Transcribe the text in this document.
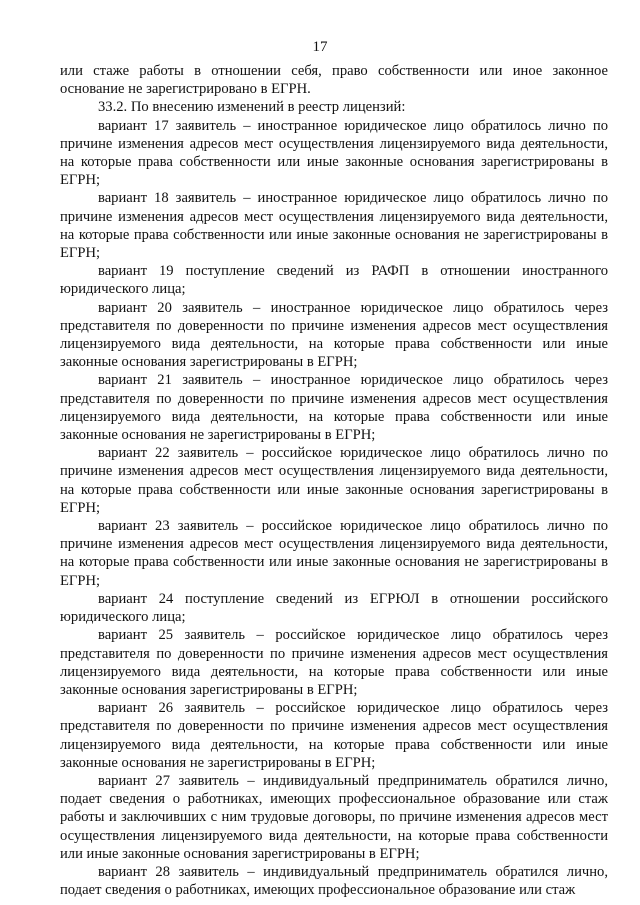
17

или стаже работы в отношении себя, право собственности или иное законное основание не зарегистрировано в ЕГРН.

33.2. По внесению изменений в реестр лицензий:

вариант 17 заявитель – иностранное юридическое лицо обратилось лично по причине изменения адресов мест осуществления лицензируемого вида деятельности, на которые права собственности или иные законные основания зарегистрированы в ЕГРН;

вариант 18 заявитель – иностранное юридическое лицо обратилось лично по причине изменения адресов мест осуществления лицензируемого вида деятельности, на которые права собственности или иные законные основания не зарегистрированы в ЕГРН;

вариант 19 поступление сведений из РАФП в отношении иностранного юридического лица;

вариант 20 заявитель – иностранное юридическое лицо обратилось через представителя по доверенности по причине изменения адресов мест осуществления лицензируемого вида деятельности, на которые права собственности или иные законные основания зарегистрированы в ЕГРН;

вариант 21 заявитель – иностранное юридическое лицо обратилось через представителя по доверенности по причине изменения адресов мест осуществления лицензируемого вида деятельности, на которые права собственности или иные законные основания не зарегистрированы в ЕГРН;

вариант 22 заявитель – российское юридическое лицо обратилось лично по причине изменения адресов мест осуществления лицензируемого вида деятельности, на которые права собственности или иные законные основания зарегистрированы в ЕГРН;

вариант 23 заявитель – российское юридическое лицо обратилось лично по причине изменения адресов мест осуществления лицензируемого вида деятельности, на которые права собственности или иные законные основания не зарегистрированы в ЕГРН;

вариант 24 поступление сведений из ЕГРЮЛ в отношении российского юридического лица;

вариант 25 заявитель – российское юридическое лицо обратилось через представителя по доверенности по причине изменения адресов мест осуществления лицензируемого вида деятельности, на которые права собственности или иные законные основания зарегистрированы в ЕГРН;

вариант 26 заявитель – российское юридическое лицо обратилось через представителя по доверенности по причине изменения адресов мест осуществления лицензируемого вида деятельности, на которые права собственности или иные законные основания не зарегистрированы в ЕГРН;

вариант 27 заявитель – индивидуальный предприниматель обратился лично, подает сведения о работниках, имеющих профессиональное образование или стаж работы и заключивших с ним трудовые договоры, по причине изменения адресов мест осуществления лицензируемого вида деятельности, на которые права собственности или иные законные основания зарегистрированы в ЕГРН;

вариант 28 заявитель – индивидуальный предприниматель обратился лично, подает сведения о работниках, имеющих профессиональное образование или стаж
